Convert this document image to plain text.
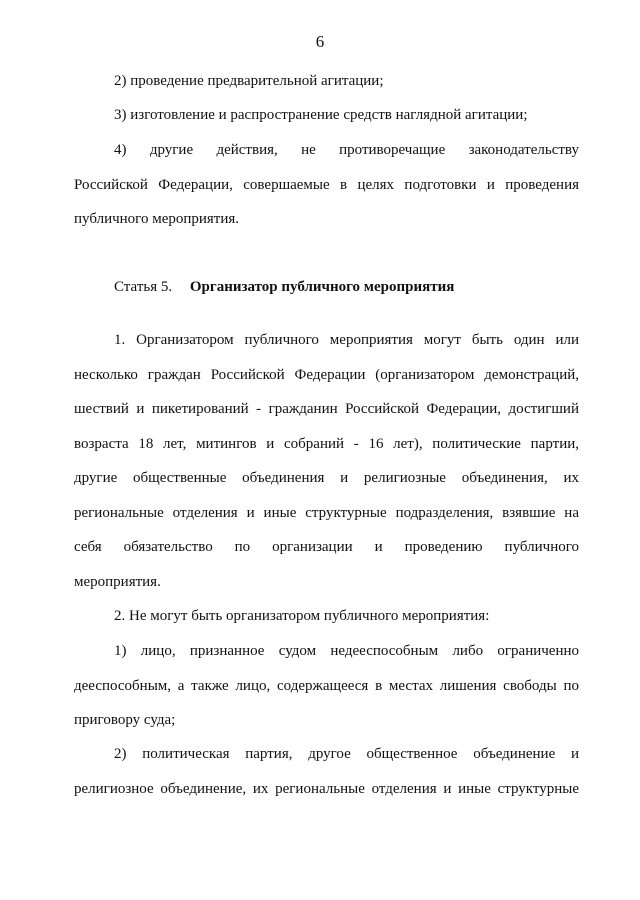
6
2) проведение предварительной агитации;
3) изготовление и распространение средств наглядной агитации;
4) другие действия, не противоречащие законодательству
Российской Федерации, совершаемые в целях подготовки и проведения
публичного мероприятия.
Статья 5. Организатор публичного мероприятия
1. Организатором публичного мероприятия могут быть один или
несколько граждан Российской Федерации (организатором демонстраций,
шествий и пикетирований - гражданин Российской Федерации, достигший
возраста 18 лет, митингов и собраний - 16 лет), политические партии,
другие общественные объединения и религиозные объединения, их
региональные отделения и иные структурные подразделения, взявшие на
себя обязательство по организации и проведению публичного
мероприятия.
2. Не могут быть организатором публичного мероприятия:
1) лицо, признанное судом недееспособным либо ограниченно
дееспособным, а также лицо, содержащееся в местах лишения свободы по
приговору суда;
2) политическая партия, другое общественное объединение и
религиозное объединение, их региональные отделения и иные структурные
